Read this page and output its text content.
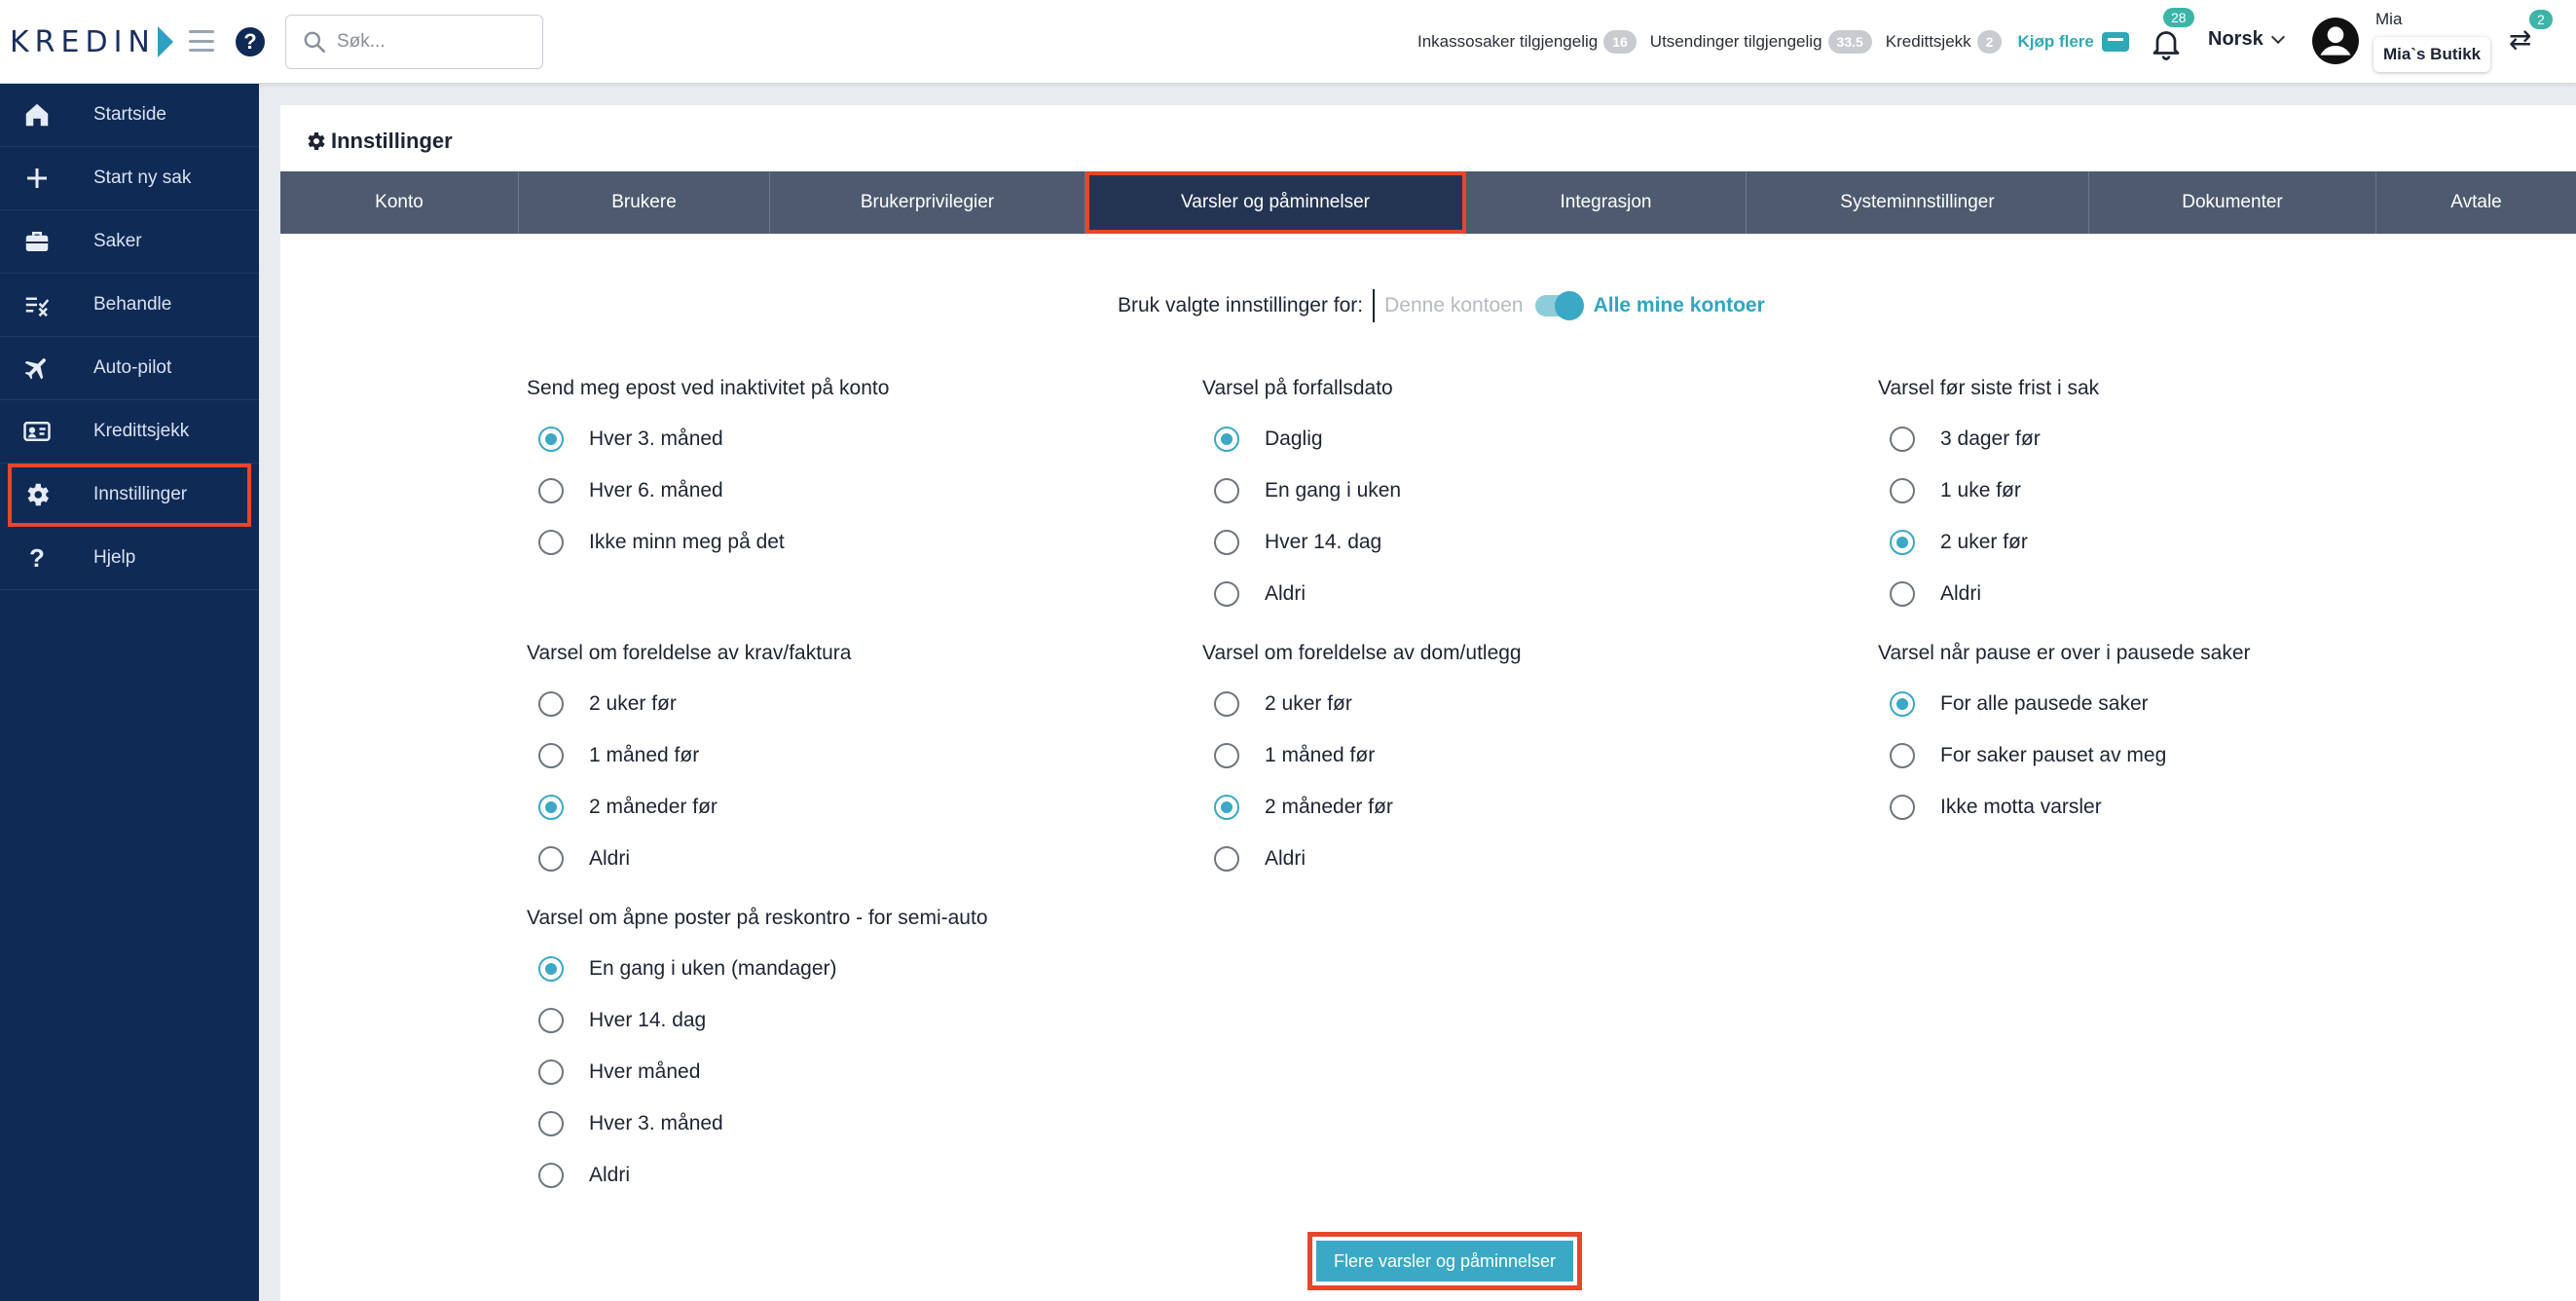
KREDIN	?
Søk...	Inkassosaker tilgjengelig	16	Utsendinger tilgjengelig	33.5	Kredittsjekk	2	Kjøp flere
28
Norsk
Mia
Mia`s Butikk ⇄
2
Startside
Start ny sak
Saker
Behandle
Auto-pilot
Kredittsjekk
Innstillinger
?	Hjelp
Innstillinger
Konto	Brukere	Brukerprivilegier	Varsler og påminnelser	Integrasjon	Systeminnstillinger	Dokumenter	Avtale
Bruk valgte innstillinger for: Denne kontoen	Alle mine kontoer
Send meg epost ved inaktivitet på konto
Hver 3. måned
Hver 6. måned
Ikke minn meg på det
Varsel på forfallsdato
Daglig
En gang i uken
Hver 14. dag
Aldri
Varsel før siste frist i sak
3 dager før
1 uke før
2 uker før
Aldri
Varsel om foreldelse av krav/faktura
2 uker før
1 måned før
2 måneder før
Aldri
Varsel om foreldelse av dom/utlegg
2 uker før
1 måned før
2 måneder før
Aldri
Varsel når pause er over i pausede saker
For alle pausede saker
For saker pauset av meg
Ikke motta varsler
Varsel om åpne poster på reskontro - for semi-auto
En gang i uken (mandager)
Hver 14. dag
Hver måned
Hver 3. måned
Aldri
Flere varsler og påminnelser
